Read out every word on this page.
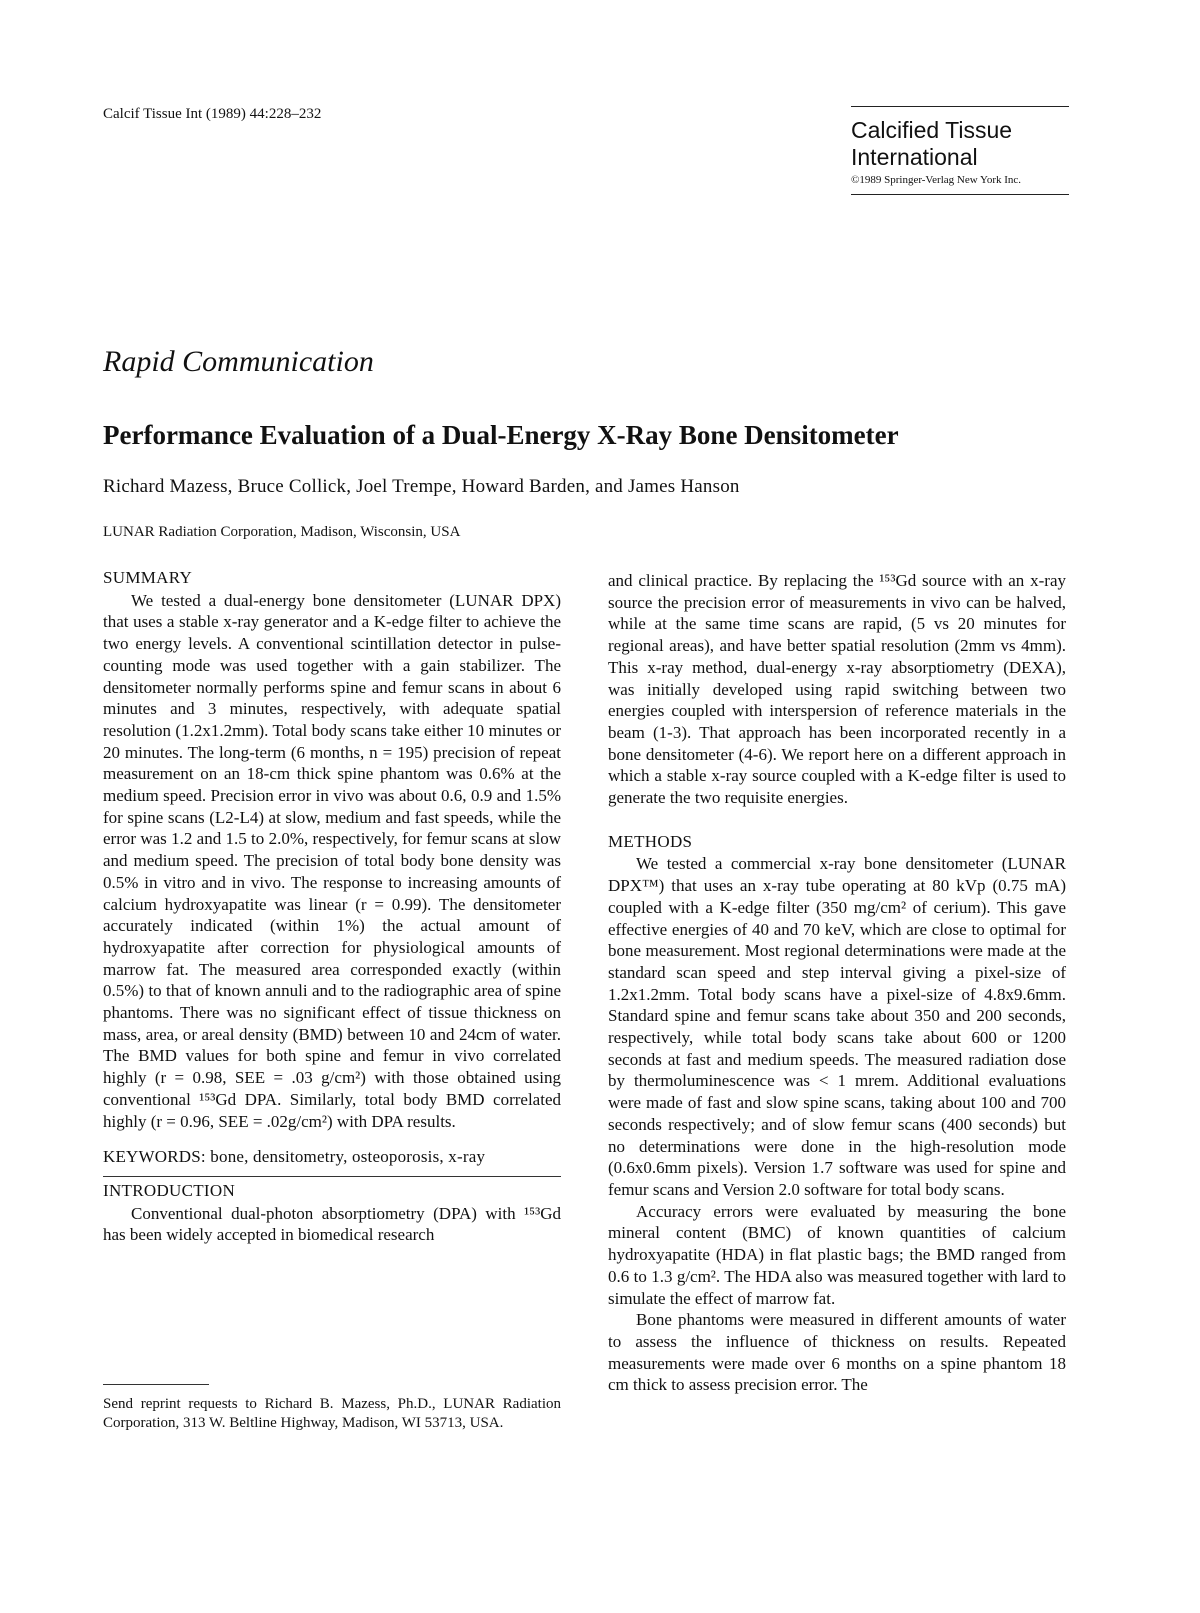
Calcif Tissue Int (1989) 44:228–232
Calcified Tissue
International
©1989 Springer-Verlag New York Inc.
Rapid Communication
Performance Evaluation of a Dual-Energy X-Ray Bone Densitometer
Richard Mazess, Bruce Collick, Joel Trempe, Howard Barden, and James Hanson
LUNAR Radiation Corporation, Madison, Wisconsin, USA
SUMMARY

We tested a dual-energy bone densitometer (LUNAR DPX) that uses a stable x-ray generator and a K-edge filter to achieve the two energy levels. A conventional scintillation detector in pulse-counting mode was used together with a gain stabilizer. The densitometer normally performs spine and femur scans in about 6 minutes and 3 minutes, respectively, with adequate spatial resolution (1.2x1.2mm). Total body scans take either 10 minutes or 20 minutes. The long-term (6 months, n = 195) precision of repeat measurement on an 18-cm thick spine phantom was 0.6% at the medium speed. Precision error in vivo was about 0.6, 0.9 and 1.5% for spine scans (L2-L4) at slow, medium and fast speeds, while the error was 1.2 and 1.5 to 2.0%, respectively, for femur scans at slow and medium speed. The precision of total body bone density was 0.5% in vitro and in vivo. The response to increasing amounts of calcium hydroxyapatite was linear (r = 0.99). The densitometer accurately indicated (within 1%) the actual amount of hydroxyapatite after correction for physiological amounts of marrow fat. The measured area corresponded exactly (within 0.5%) to that of known annuli and to the radiographic area of spine phantoms. There was no significant effect of tissue thickness on mass, area, or areal density (BMD) between 10 and 24cm of water. The BMD values for both spine and femur in vivo correlated highly (r = 0.98, SEE = .03 g/cm²) with those obtained using conventional ¹⁵³Gd DPA. Similarly, total body BMD correlated highly (r = 0.96, SEE = .02g/cm²) with DPA results.

KEYWORDS: bone, densitometry, osteoporosis, x-ray

INTRODUCTION

Conventional dual-photon absorptiometry (DPA) with ¹⁵³Gd has been widely accepted in biomedical research

and clinical practice. By replacing the ¹⁵³Gd source with an x-ray source the precision error of measurements in vivo can be halved, while at the same time scans are rapid, (5 vs 20 minutes for regional areas), and have better spatial resolution (2mm vs 4mm). This x-ray method, dual-energy x-ray absorptiometry (DEXA), was initially developed using rapid switching between two energies coupled with interspersion of reference materials in the beam (1-3). That approach has been incorporated recently in a bone densitometer (4-6). We report here on a different approach in which a stable x-ray source coupled with a K-edge filter is used to generate the two requisite energies.

METHODS

We tested a commercial x-ray bone densitometer (LUNAR DPX™) that uses an x-ray tube operating at 80 kVp (0.75 mA) coupled with a K-edge filter (350 mg/cm² of cerium). This gave effective energies of 40 and 70 keV, which are close to optimal for bone measurement. Most regional determinations were made at the standard scan speed and step interval giving a pixel-size of 1.2x1.2mm. Total body scans have a pixel-size of 4.8x9.6mm. Standard spine and femur scans take about 350 and 200 seconds, respectively, while total body scans take about 600 or 1200 seconds at fast and medium speeds. The measured radiation dose by thermoluminescence was < 1 mrem. Additional evaluations were made of fast and slow spine scans, taking about 100 and 700 seconds respectively; and of slow femur scans (400 seconds) but no determinations were done in the high-resolution mode (0.6x0.6mm pixels). Version 1.7 software was used for spine and femur scans and Version 2.0 software for total body scans.

Accuracy errors were evaluated by measuring the bone mineral content (BMC) of known quantities of calcium hydroxyapatite (HDA) in flat plastic bags; the BMD ranged from 0.6 to 1.3 g/cm². The HDA also was measured together with lard to simulate the effect of marrow fat.

Bone phantoms were measured in different amounts of water to assess the influence of thickness on results. Repeated measurements were made over 6 months on a spine phantom 18 cm thick to assess precision error. The

Send reprint requests to Richard B. Mazess, Ph.D., LUNAR Radiation Corporation, 313 W. Beltline Highway, Madison, WI 53713, USA.
